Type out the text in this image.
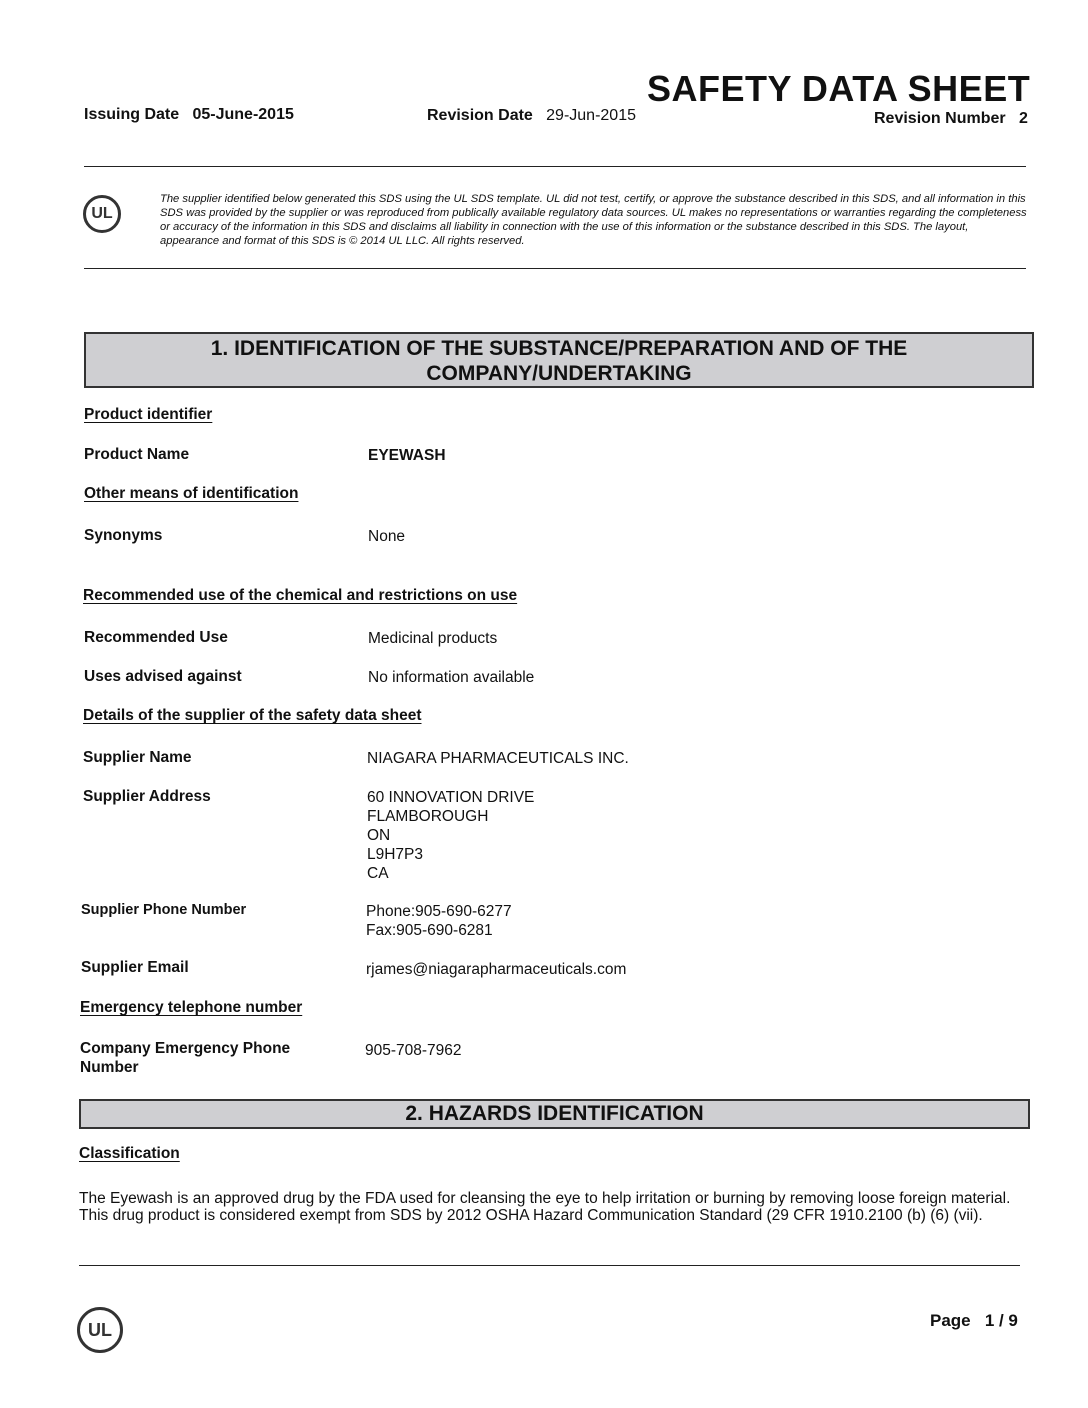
SAFETY DATA SHEET
Issuing Date 05-June-2015	Revision Date 29-Jun-2015	Revision Number 2
UL
The supplier identified below generated this SDS using the UL SDS template. UL did not test, certify, or approve the substance described in this SDS, and all information in this SDS was provided by the supplier or was reproduced from publically available regulatory data sources. UL makes no representations or warranties regarding the completeness or accuracy of the information in this SDS and disclaims all liability in connection with the use of this information or the substance described in this SDS. The layout, appearance and format of this SDS is © 2014 UL LLC. All rights reserved.
1. IDENTIFICATION OF THE SUBSTANCE/PREPARATION AND OF THE
COMPANY/UNDERTAKING
Product identifier
Product Name	EYEWASH
Other means of identification
Synonyms	None
Recommended use of the chemical and restrictions on use
Recommended Use	Medicinal products
Uses advised against	No information available
Details of the supplier of the safety data sheet
Supplier Name	NIAGARA PHARMACEUTICALS INC.
Supplier Address	60 INNOVATION DRIVE
FLAMBOROUGH
ON
L9H7P3
CA
Supplier Phone Number	Phone:905-690-6277
Fax:905-690-6281
Supplier Email	rjames@niagarapharmaceuticals.com
Emergency telephone number
Company Emergency Phone
Number
905-708-7962
2. HAZARDS IDENTIFICATION
Classification
The Eyewash is an approved drug by the FDA used for cleansing the eye to help irritation or burning by removing loose foreign material. This drug product is considered exempt from SDS by 2012 OSHA Hazard Communication Standard (29 CFR 1910.2100 (b) (6) (vii).
UL	Page 1 / 9
